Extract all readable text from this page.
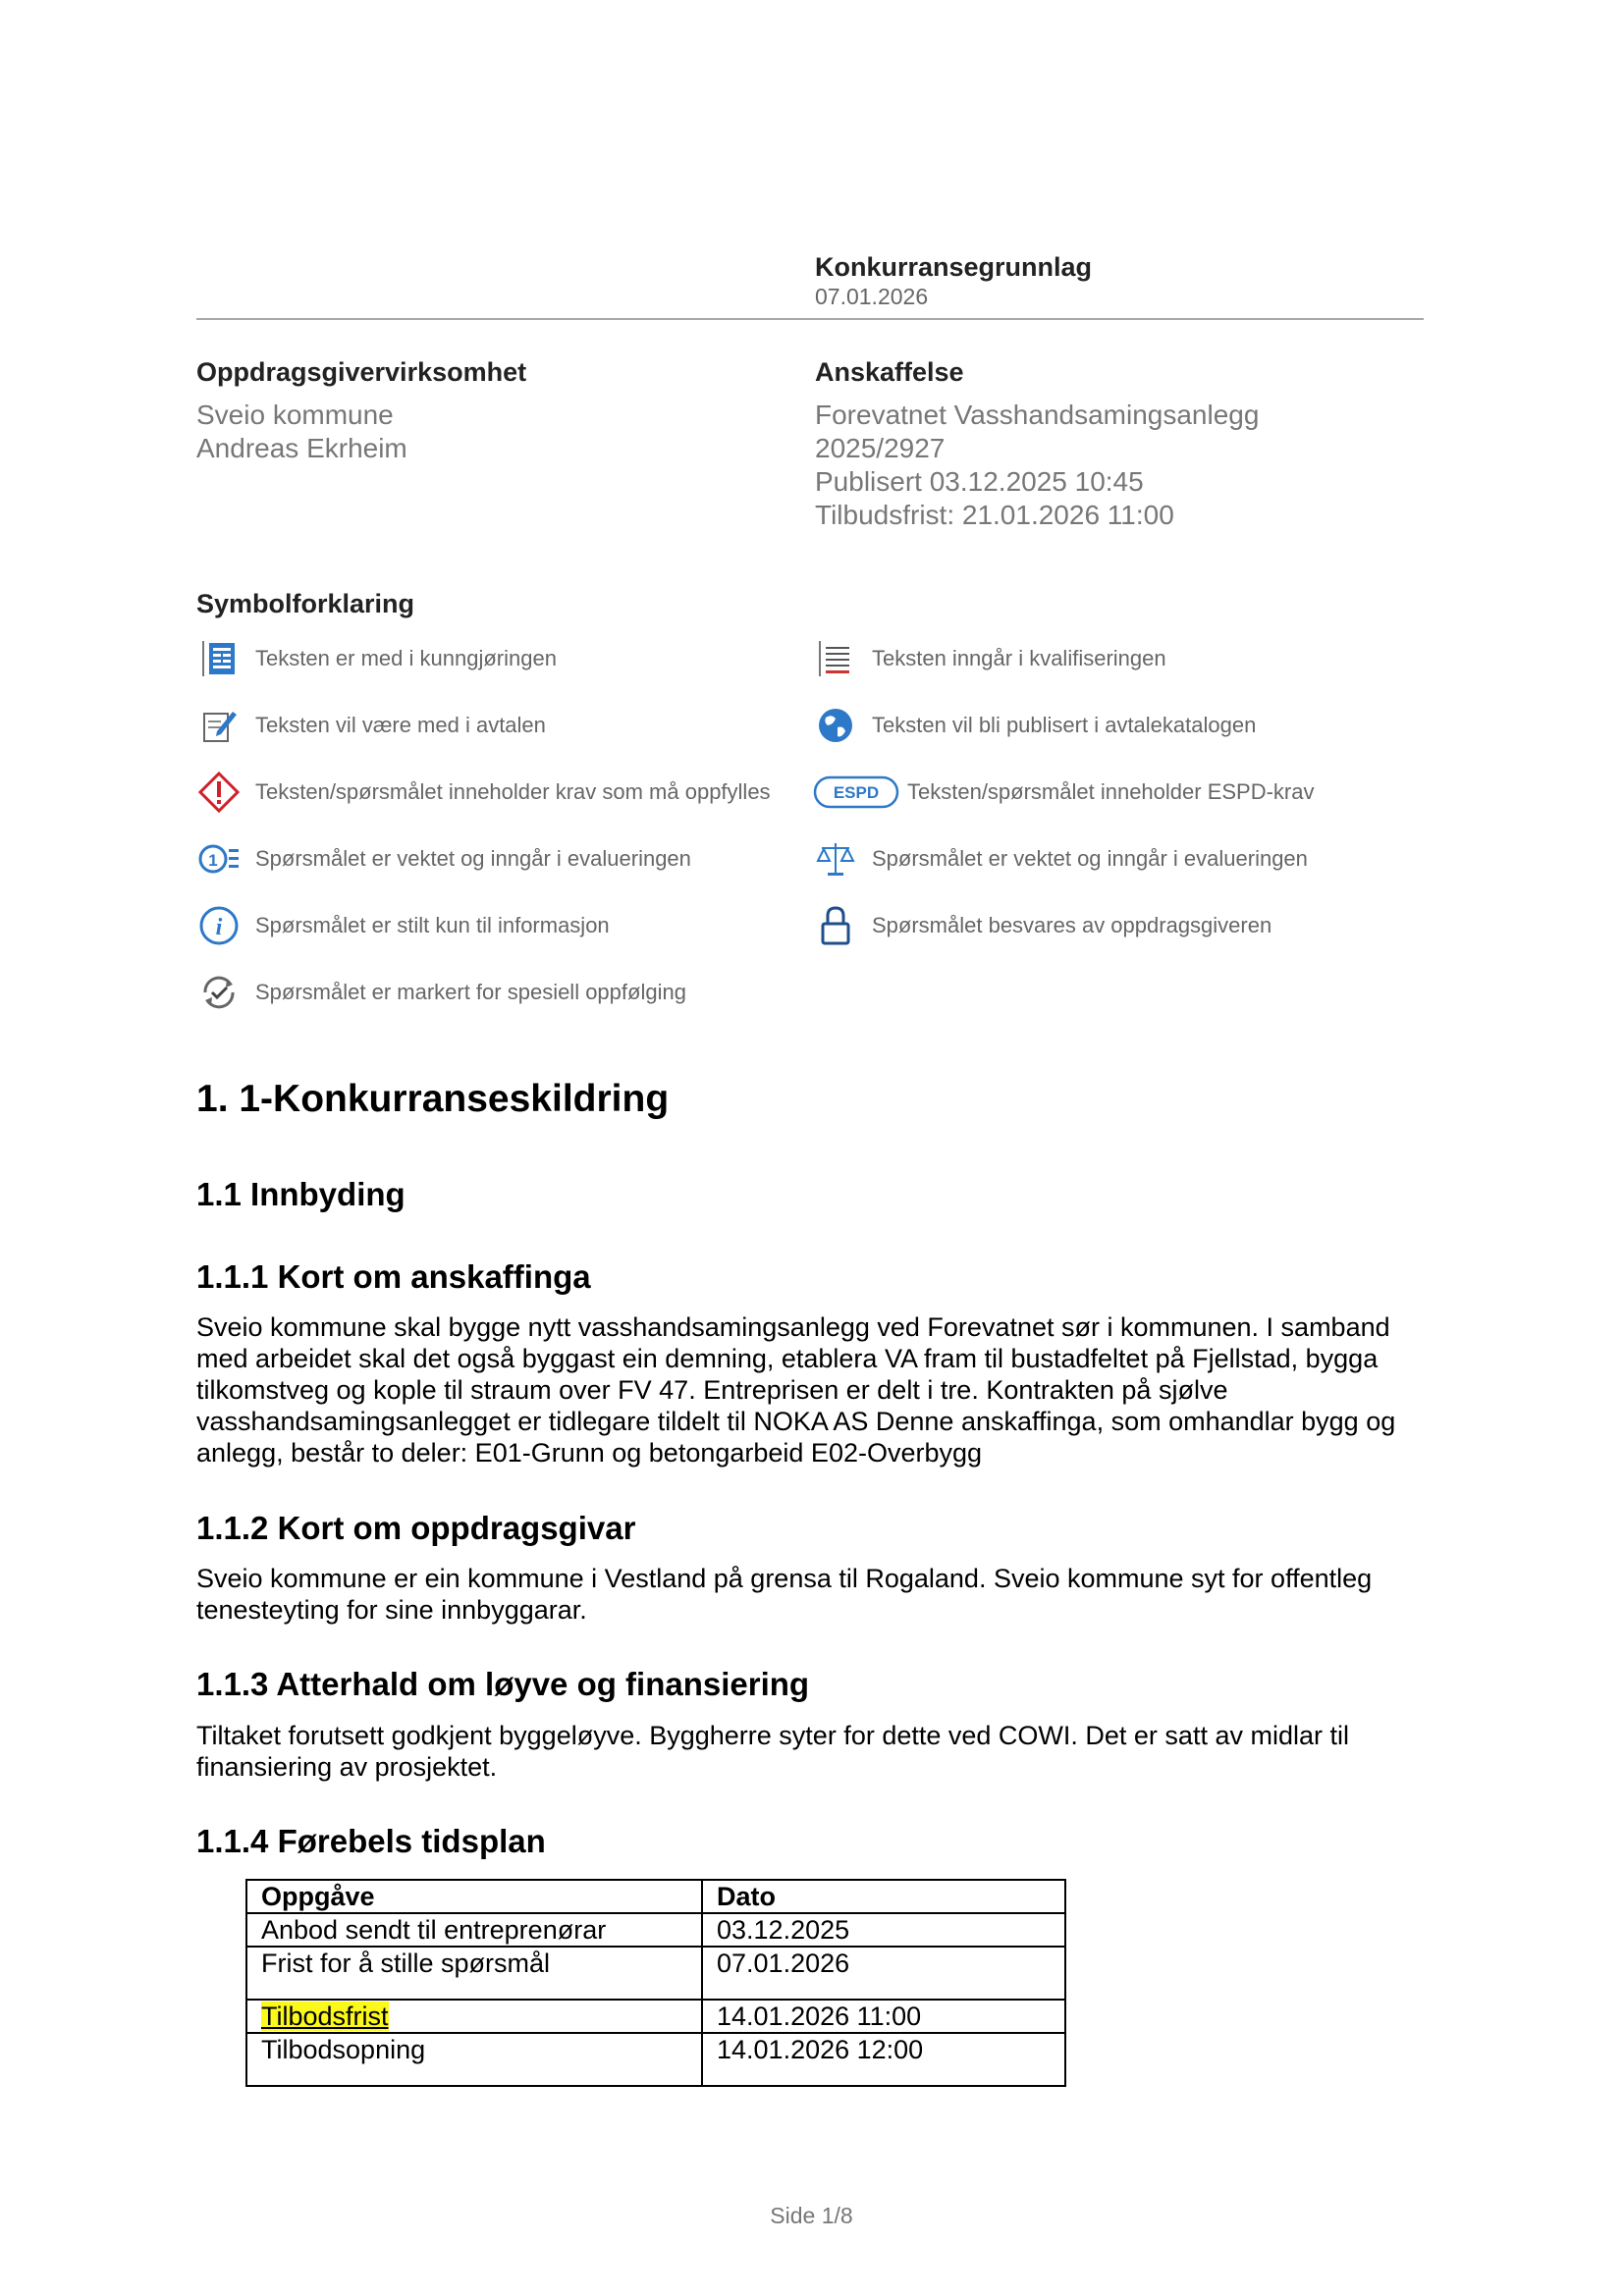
Konkurransegrunnlag
07.01.2026
Oppdragsgivervirksomhet
Sveio kommune
Andreas Ekrheim
Anskaffelse
Forevatnet Vasshandsamingsanlegg
2025/2927
Publisert 03.12.2025 10:45
Tilbudsfrist: 21.01.2026 11:00
Symbolforklaring
Teksten er med i kunngjøringen	Teksten inngår i kvalifiseringen
Teksten vil være med i avtalen	Teksten vil bli publisert i avtalekatalogen
Teksten/spørsmålet inneholder krav som må oppfylles	ESPD Teksten/spørsmålet inneholder ESPD-krav
1 Spørsmålet er vektet og inngår i evalueringen	Spørsmålet er vektet og inngår i evalueringen
i Spørsmålet er stilt kun til informasjon	Spørsmålet besvares av oppdragsgiveren
Spørsmålet er markert for spesiell oppfølging
1. 1-Konkurranseskildring
1.1 Innbyding
1.1.1 Kort om anskaffinga

Sveio kommune skal bygge nytt vasshandsamingsanlegg ved Forevatnet sør i kommunen. I samband med arbeidet skal det også byggast ein demning, etablera VA fram til bustadfeltet på Fjellstad, bygga tilkomstveg og kople til straum over FV 47. Entreprisen er delt i tre. Kontrakten på sjølve vasshandsamingsanlegget er tidlegare tildelt til NOKA AS Denne anskaffinga, som omhandlar bygg og anlegg, består to deler: E01-Grunn og betongarbeid E02-Overbygg

1.1.2 Kort om oppdragsgivar

Sveio kommune er ein kommune i Vestland på grensa til Rogaland. Sveio kommune syt for offentleg tenesteyting for sine innbyggarar.

1.1.3 Atterhald om løyve og finansiering

Tiltaket forutsett godkjent byggeløyve. Byggherre syter for dette ved COWI. Det er satt av midlar til finansiering av prosjektet.

1.1.4 Førebels tidsplan
Oppgåve	Dato
Anbod sendt til entreprenørar	03.12.2025
Frist for å stille spørsmål	07.01.2026
Tilbodsfrist	14.01.2026 11:00
Tilbodsopning	14.01.2026 12:00
Side 1/8
